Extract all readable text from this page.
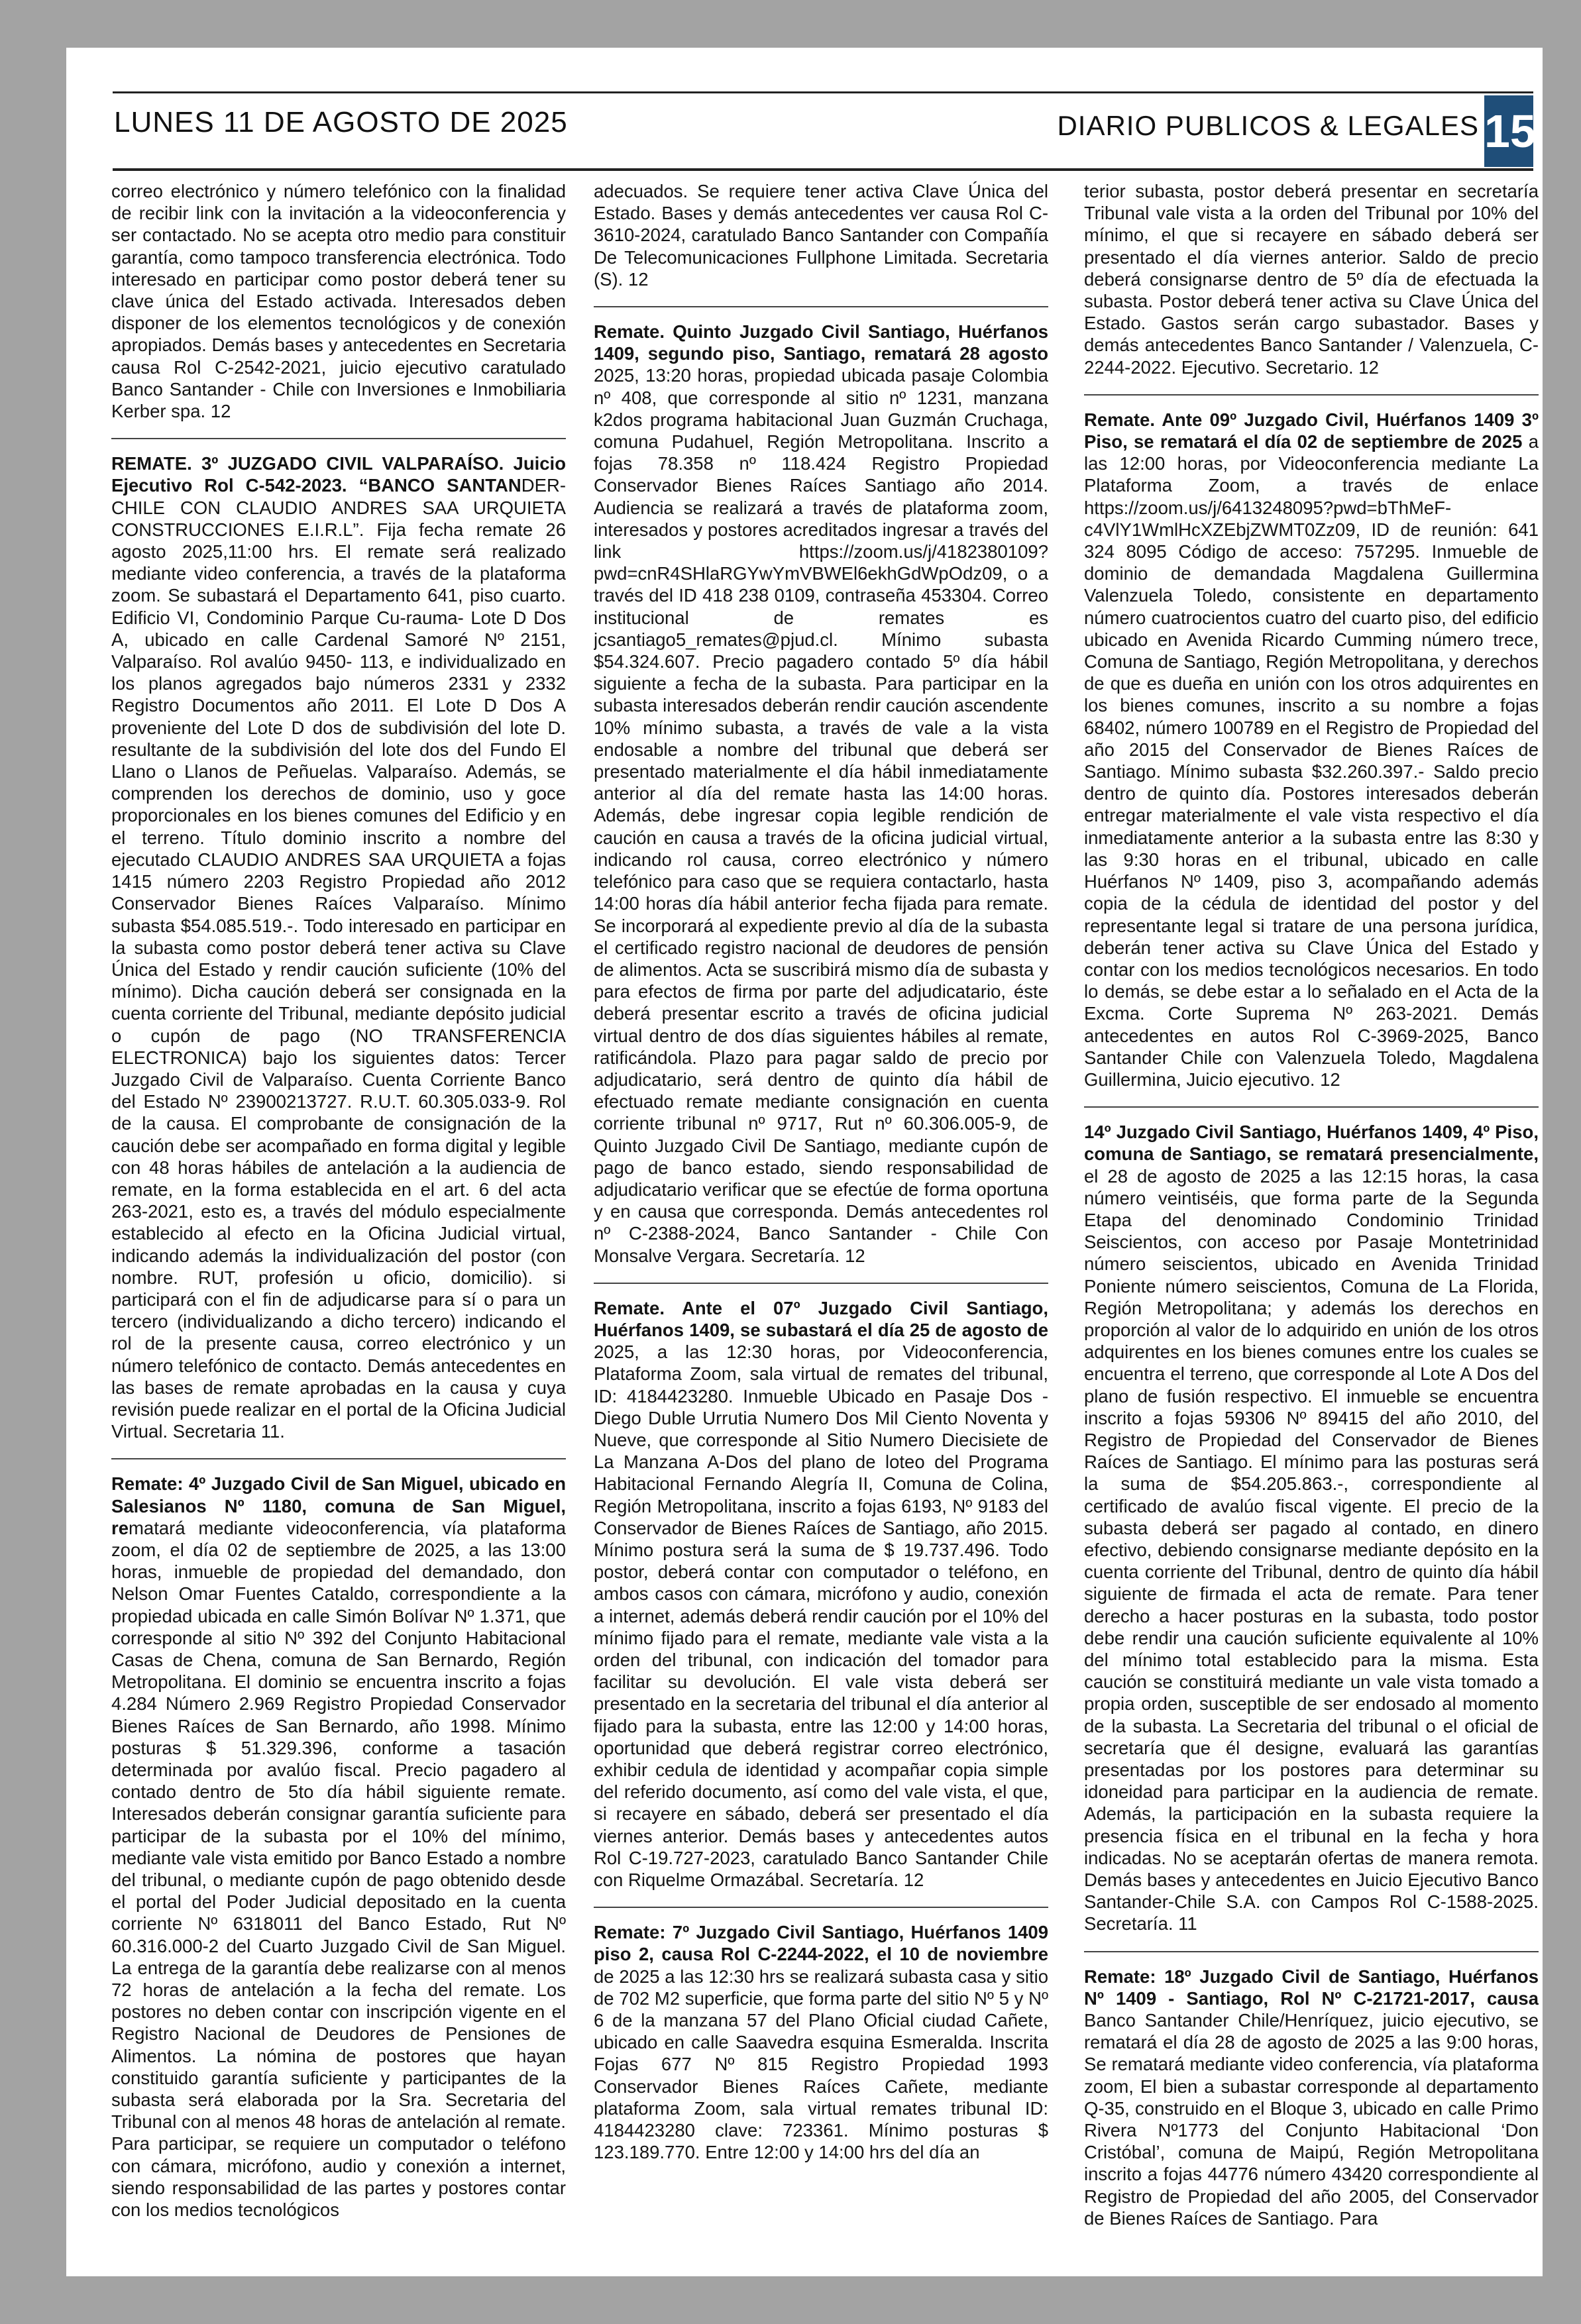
LUNES 11 DE AGOSTO DE 2025	DIARIO PUBLICOS & LEGALES 15

correo electrónico y número telefónico con la finalidad de recibir link con la invitación a la videoconferencia y ser contactado. No se acepta otro medio para constituir garantía, como tampoco transferencia electrónica. Todo interesado en participar como postor deberá tener su clave única del Estado activada. Interesados deben disponer de los elementos tecnológicos y de conexión apropiados. Demás bases y antecedentes en Secretaria causa Rol C-2542-2021, juicio ejecutivo caratulado Banco Santander - Chile con Inversiones e Inmobiliaria Kerber spa. 12

REMATE. 3º JUZGADO CIVIL VALPARAÍSO. Juicio Ejecutivo Rol C-542-2023. “BANCO SANTANDER-CHILE CON CLAUDIO ANDRES SAA URQUIETA CONSTRUCCIONES E.I.R.L”. Fija fecha remate 26 agosto 2025,11:00 hrs. El remate será realizado mediante video conferencia, a través de la plataforma zoom. Se subastará el Departamento 641, piso cuarto. Edificio VI, Condominio Parque Cu-rauma- Lote D Dos A, ubicado en calle Cardenal Samoré Nº 2151, Valparaíso. Rol avalúo 9450- 113, e individualizado en los planos agregados bajo números 2331 y 2332 Registro Documentos año 2011. El Lote D Dos A proveniente del Lote D dos de subdivisión del lote D. resultante de la subdivisión del lote dos del Fundo El Llano o Llanos de Peñuelas. Valparaíso. Además, se comprenden los derechos de dominio, uso y goce proporcionales en los bienes comunes del Edificio y en el terreno. Título dominio inscrito a nombre del ejecutado CLAUDIO ANDRES SAA URQUIETA a fojas 1415 número 2203 Registro Propiedad año 2012 Conservador Bienes Raíces Valparaíso. Mínimo subasta $54.085.519.-. Todo interesado en participar en la subasta como postor deberá tener activa su Clave Única del Estado y rendir caución suficiente (10% del mínimo). Dicha caución deberá ser consignada en la cuenta corriente del Tribunal, mediante depósito judicial o cupón de pago (NO TRANSFERENCIA ELECTRONICA) bajo los siguientes datos: Tercer Juzgado Civil de Valparaíso. Cuenta Corriente Banco del Estado Nº 23900213727. R.U.T. 60.305.033-9. Rol de la causa. El comprobante de consignación de la caución debe ser acompañado en forma digital y legible con 48 horas hábiles de antelación a la audiencia de remate, en la forma establecida en el art. 6 del acta 263-2021, esto es, a través del módulo especialmente establecido al efecto en la Oficina Judicial virtual, indicando además la individualización del postor (con nombre. RUT, profesión u oficio, domicilio). si participará con el fin de adjudicarse para sí o para un tercero (individualizando a dicho tercero) indicando el rol de la presente causa, correo electrónico y un número telefónico de contacto. Demás antecedentes en las bases de remate aprobadas en la causa y cuya revisión puede realizar en el portal de la Oficina Judicial Virtual. Secretaria 11.

Remate: 4º Juzgado Civil de San Miguel, ubicado en Salesianos Nº 1180, comuna de San Miguel, rematará mediante videoconferencia, vía plataforma zoom, el día 02 de septiembre de 2025, a las 13:00 horas, inmueble de propiedad del demandado, don Nelson Omar Fuentes Cataldo, correspondiente a la propiedad ubicada en calle Simón Bolívar Nº 1.371, que corresponde al sitio Nº 392 del Conjunto Habitacional Casas de Chena, comuna de San Bernardo, Región Metropolitana. El dominio se encuentra inscrito a fojas 4.284 Número 2.969 Registro Propiedad Conservador Bienes Raíces de San Bernardo, año 1998. Mínimo posturas $ 51.329.396, conforme a tasación determinada por avalúo fiscal. Precio pagadero al contado dentro de 5to día hábil siguiente remate. Interesados deberán consignar garantía suficiente para participar de la subasta por el 10% del mínimo, mediante vale vista emitido por Banco Estado a nombre del tribunal, o mediante cupón de pago obtenido desde el portal del Poder Judicial depositado en la cuenta corriente Nº 6318011 del Banco Estado, Rut Nº 60.316.000-2 del Cuarto Juzgado Civil de San Miguel. La entrega de la garantía debe realizarse con al menos 72 horas de antelación a la fecha del remate. Los postores no deben contar con inscripción vigente en el Registro Nacional de Deudores de Pensiones de Alimentos. La nómina de postores que hayan constituido garantía suficiente y participantes de la subasta será elaborada por la Sra. Secretaria del Tribunal con al menos 48 horas de antelación al remate. Para participar, se requiere un computador o teléfono con cámara, micrófono, audio y conexión a internet, siendo responsabilidad de las partes y postores contar con los medios tecnológicos

adecuados. Se requiere tener activa Clave Única del Estado. Bases y demás antecedentes ver causa Rol C-3610-2024, caratulado Banco Santander con Compañía De Telecomunicaciones Fullphone Limitada. Secretaria (S). 12

Remate. Quinto Juzgado Civil Santiago, Huérfanos 1409, segundo piso, Santiago, rematará 28 agosto 2025, 13:20 horas, propiedad ubicada pasaje Colombia nº 408, que corresponde al sitio nº 1231, manzana k2dos programa habitacional Juan Guzmán Cruchaga, comuna Pudahuel, Región Metropolitana. Inscrito a fojas 78.358 nº 118.424 Registro Propiedad Conservador Bienes Raíces Santiago año 2014. Audiencia se realizará a través de plataforma zoom, interesados y postores acreditados ingresar a través del link https://zoom.us/j/4182380109?pwd=cnR4SHlaRGYwYmVBWEl6ekhGdWpOdz09, o a través del ID 418 238 0109, contraseña 453304. Correo institucional de remates es jcsantiago5_remates@pjud.cl. Mínimo subasta $54.324.607. Precio pagadero contado 5º día hábil siguiente a fecha de la subasta. Para participar en la subasta interesados deberán rendir caución ascendente 10% mínimo subasta, a través de vale a la vista endosable a nombre del tribunal que deberá ser presentado materialmente el día hábil inmediatamente anterior al día del remate hasta las 14:00 horas. Además, debe ingresar copia legible rendición de caución en causa a través de la oficina judicial virtual, indicando rol causa, correo electrónico y número telefónico para caso que se requiera contactarlo, hasta 14:00 horas día hábil anterior fecha fijada para remate. Se incorporará al expediente previo al día de la subasta el certificado registro nacional de deudores de pensión de alimentos. Acta se suscribirá mismo día de subasta y para efectos de firma por parte del adjudicatario, éste deberá presentar escrito a través de oficina judicial virtual dentro de dos días siguientes hábiles al remate, ratificándola. Plazo para pagar saldo de precio por adjudicatario, será dentro de quinto día hábil de efectuado remate mediante consignación en cuenta corriente tribunal nº 9717, Rut nº 60.306.005-9, de Quinto Juzgado Civil De Santiago, mediante cupón de pago de banco estado, siendo responsabilidad de adjudicatario verificar que se efectúe de forma oportuna y en causa que corresponda. Demás antecedentes rol nº C-2388-2024, Banco Santander - Chile Con Monsalve Vergara. Secretaría. 12

Remate. Ante el 07º Juzgado Civil Santiago, Huérfanos 1409, se subastará el día 25 de agosto de 2025, a las 12:30 horas, por Videoconferencia, Plataforma Zoom, sala virtual de remates del tribunal, ID: 4184423280. Inmueble Ubicado en Pasaje Dos - Diego Duble Urrutia Numero Dos Mil Ciento Noventa y Nueve, que corresponde al Sitio Numero Diecisiete de La Manzana A-Dos del plano de loteo del Programa Habitacional Fernando Alegría II, Comuna de Colina, Región Metropolitana, inscrito a fojas 6193, Nº 9183 del Conservador de Bienes Raíces de Santiago, año 2015. Mínimo postura será la suma de $ 19.737.496. Todo postor, deberá contar con computador o teléfono, en ambos casos con cámara, micrófono y audio, conexión a internet, además deberá rendir caución por el 10% del mínimo fijado para el remate, mediante vale vista a la orden del tribunal, con indicación del tomador para facilitar su devolución. El vale vista deberá ser presentado en la secretaria del tribunal el día anterior al fijado para la subasta, entre las 12:00 y 14:00 horas, oportunidad que deberá registrar correo electrónico, exhibir cedula de identidad y acompañar copia simple del referido documento, así como del vale vista, el que, si recayere en sábado, deberá ser presentado el día viernes anterior. Demás bases y antecedentes autos Rol C-19.727-2023, caratulado Banco Santander Chile con Riquelme Ormazábal. Secretaría. 12

Remate: 7º Juzgado Civil Santiago, Huérfanos 1409 piso 2, causa Rol C-2244-2022, el 10 de noviembre de 2025 a las 12:30 hrs se realizará subasta casa y sitio de 702 M2 superficie, que forma parte del sitio Nº 5 y Nº 6 de la manzana 57 del Plano Oficial ciudad Cañete, ubicado en calle Saavedra esquina Esmeralda. Inscrita Fojas 677 Nº 815 Registro Propiedad 1993 Conservador Bienes Raíces Cañete, mediante plataforma Zoom, sala virtual remates tribunal ID: 4184423280 clave: 723361. Mínimo posturas $ 123.189.770. Entre 12:00 y 14:00 hrs del día an

terior subasta, postor deberá presentar en secretaría Tribunal vale vista a la orden del Tribunal por 10% del mínimo, el que si recayere en sábado deberá ser presentado el día viernes anterior. Saldo de precio deberá consignarse dentro de 5º día de efectuada la subasta. Postor deberá tener activa su Clave Única del Estado. Gastos serán cargo subastador. Bases y demás antecedentes Banco Santander / Valenzuela, C-2244-2022. Ejecutivo. Secretario. 12

Remate. Ante 09º Juzgado Civil, Huérfanos 1409 3º Piso, se rematará el día 02 de septiembre de 2025 a las 12:00 horas, por Videoconferencia mediante La Plataforma Zoom, a través de enlace https://zoom.us/j/6413248095?pwd=bThMeF-c4VlY1WmlHcXZEbjZWMT0Zz09, ID de reunión: 641 324 8095 Código de acceso: 757295. Inmueble de dominio de demandada Magdalena Guillermina Valenzuela Toledo, consistente en departamento número cuatrocientos cuatro del cuarto piso, del edificio ubicado en Avenida Ricardo Cumming número trece, Comuna de Santiago, Región Metropolitana, y derechos de que es dueña en unión con los otros adquirentes en los bienes comunes, inscrito a su nombre a fojas 68402, número 100789 en el Registro de Propiedad del año 2015 del Conservador de Bienes Raíces de Santiago. Mínimo subasta $32.260.397.- Saldo precio dentro de quinto día. Postores interesados deberán entregar materialmente el vale vista respectivo el día inmediatamente anterior a la subasta entre las 8:30 y las 9:30 horas en el tribunal, ubicado en calle Huérfanos Nº 1409, piso 3, acompañando además copia de la cédula de identidad del postor y del representante legal si tratare de una persona jurídica, deberán tener activa su Clave Única del Estado y contar con los medios tecnológicos necesarios. En todo lo demás, se debe estar a lo señalado en el Acta de la Excma. Corte Suprema Nº 263-2021. Demás antecedentes en autos Rol C-3969-2025, Banco Santander Chile con Valenzuela Toledo, Magdalena Guillermina, Juicio ejecutivo. 12

14º Juzgado Civil Santiago, Huérfanos 1409, 4º Piso, comuna de Santiago, se rematará presencialmente, el 28 de agosto de 2025 a las 12:15 horas, la casa número veintiséis, que forma parte de la Segunda Etapa del denominado Condominio Trinidad Seiscientos, con acceso por Pasaje Montetrinidad número seiscientos, ubicado en Avenida Trinidad Poniente número seiscientos, Comuna de La Florida, Región Metropolitana; y además los derechos en proporción al valor de lo adquirido en unión de los otros adquirentes en los bienes comunes entre los cuales se encuentra el terreno, que corresponde al Lote A Dos del plano de fusión respectivo. El inmueble se encuentra inscrito a fojas 59306 Nº 89415 del año 2010, del Registro de Propiedad del Conservador de Bienes Raíces de Santiago. El mínimo para las posturas será la suma de $54.205.863.-, correspondiente al certificado de avalúo fiscal vigente. El precio de la subasta deberá ser pagado al contado, en dinero efectivo, debiendo consignarse mediante depósito en la cuenta corriente del Tribunal, dentro de quinto día hábil siguiente de firmada el acta de remate. Para tener derecho a hacer posturas en la subasta, todo postor debe rendir una caución suficiente equivalente al 10% del mínimo total establecido para la misma. Esta caución se constituirá mediante un vale vista tomado a propia orden, susceptible de ser endosado al momento de la subasta. La Secretaria del tribunal o el oficial de secretaría que él designe, evaluará las garantías presentadas por los postores para determinar su idoneidad para participar en la audiencia de remate. Además, la participación en la subasta requiere la presencia física en el tribunal en la fecha y hora indicadas. No se aceptarán ofertas de manera remota. Demás bases y antecedentes en Juicio Ejecutivo Banco Santander-Chile S.A. con Campos Rol C-1588-2025. Secretaría. 11

Remate: 18º Juzgado Civil de Santiago, Huérfanos Nº 1409 - Santiago, Rol Nº C-21721-2017, causa Banco Santander Chile/Henríquez, juicio ejecutivo, se rematará el día 28 de agosto de 2025 a las 9:00 horas, Se rematará mediante video conferencia, vía plataforma zoom, El bien a subastar corresponde al departamento Q-35, construido en el Bloque 3, ubicado en calle Primo Rivera Nº1773 del Conjunto Habitacional ‘Don Cristóbal’, comuna de Maipú, Región Metropolitana inscrito a fojas 44776 número 43420 correspondiente al Registro de Propiedad del año 2005, del Conservador de Bienes Raíces de Santiago. Para
